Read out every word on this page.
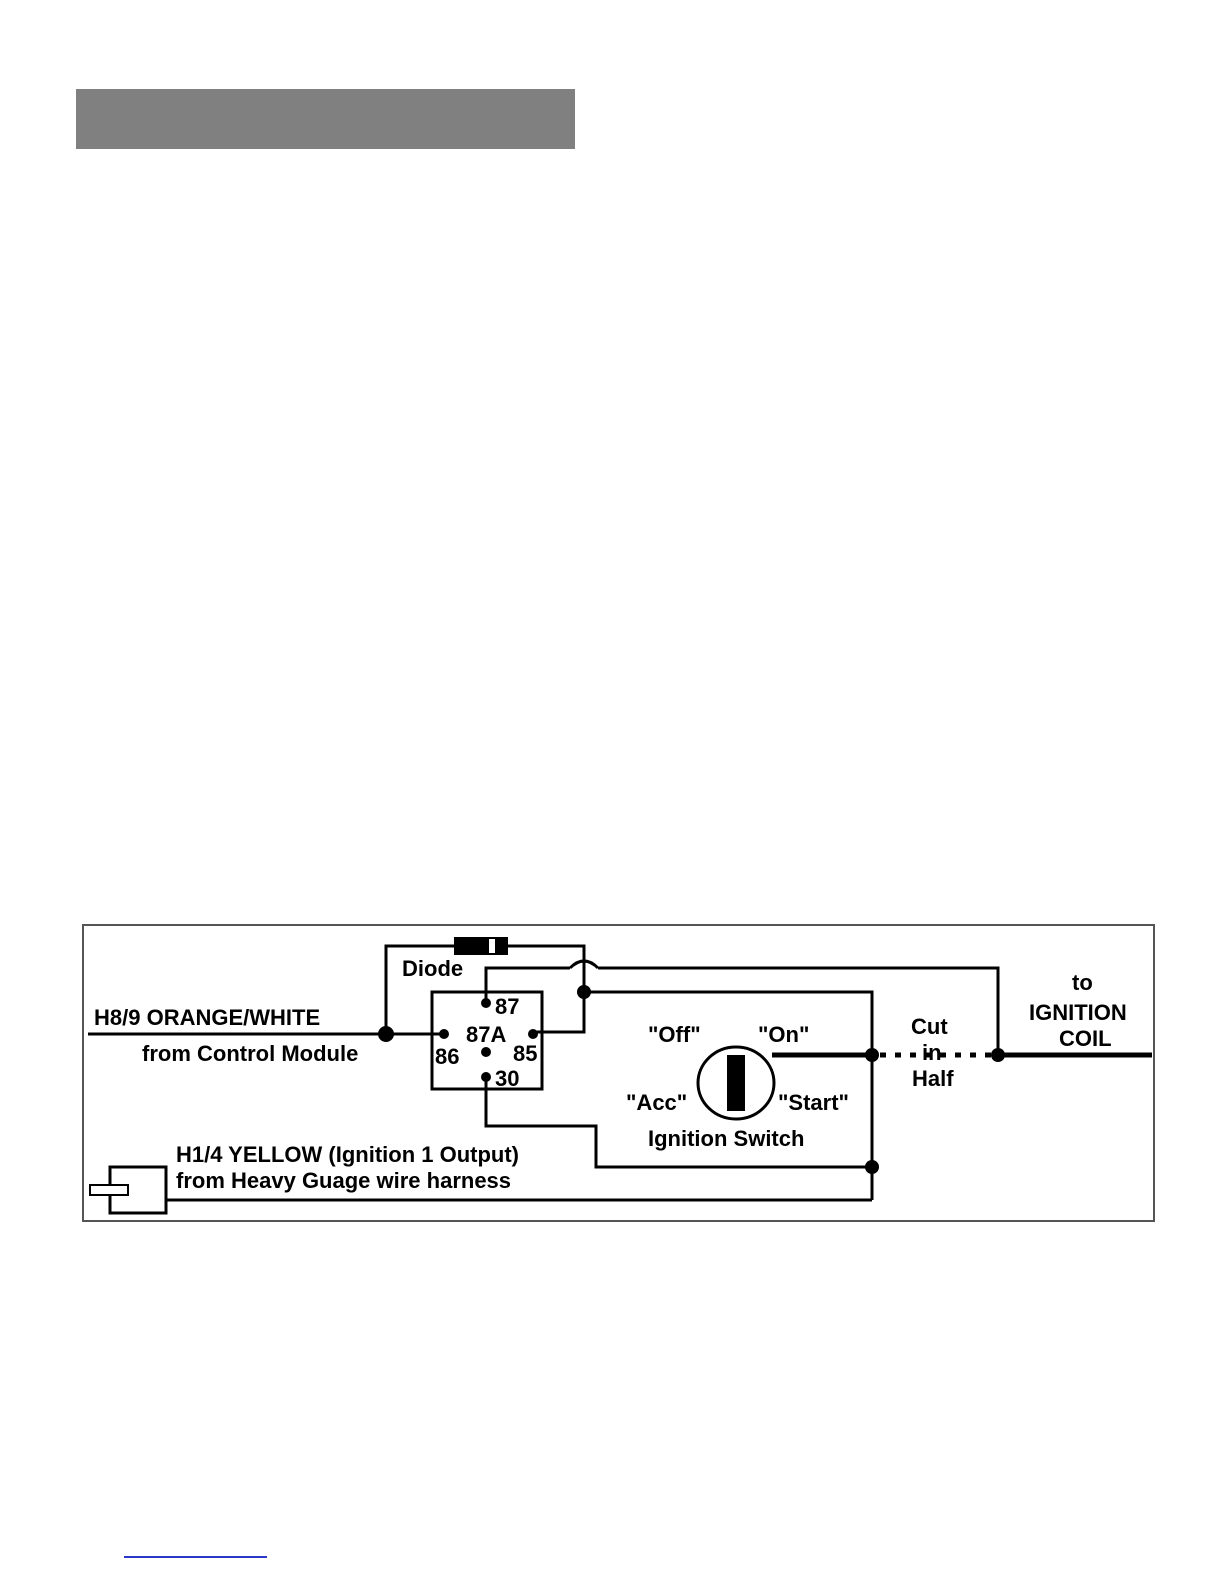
Diode
H8/9 ORANGE/WHITE
from Control Module
87
87A
86 85
30
"Off"	"On"
"Acc"	"Start"
Ignition Switch
Cut
in
Half
to
IGNITION
COIL
H1/4 YELLOW (Ignition 1 Output)
from Heavy Guage wire harness
